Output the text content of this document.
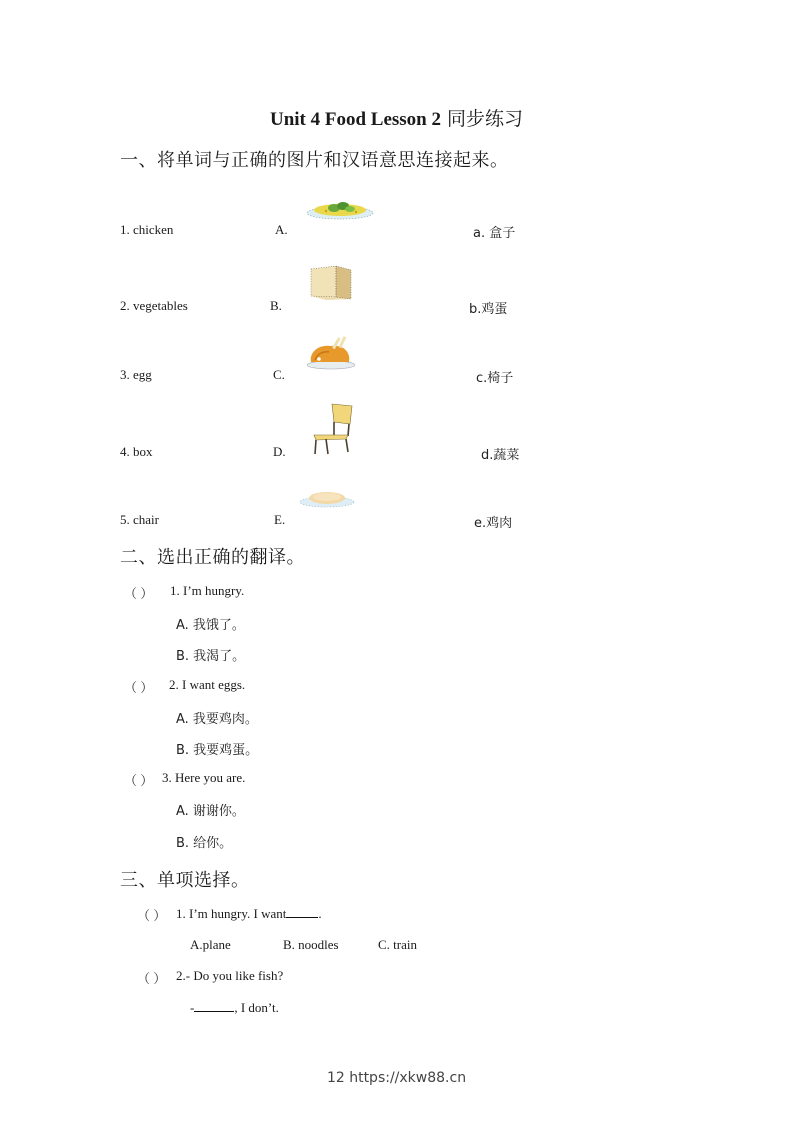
Unit 4 Food Lesson 2 同步练习
一、将单词与正确的图片和汉语意思连接起来。
1. chicken	A.	a. 盒子
2. vegetables	B.	b.鸡蛋
3. egg	C.	c.椅子
4. box	D.	d.蔬菜
5. chair	E.	e.鸡肉
二、选出正确的翻译。
（ ） 1. I’m hungry.
A. 我饿了。
B. 我渴了。
（ ） 2. I want eggs.
A. 我要鸡肉。
B. 我要鸡蛋。
（ ） 3. Here you are.
A. 谢谢你。
B. 给你。
三、单项选择。
（ ） 1. I’m hungry. I want .
A.plane	B. noodles	C. train
（ ） 2.- Do you like fish?
-	, I don’t.
12 https://xkw88.cn
